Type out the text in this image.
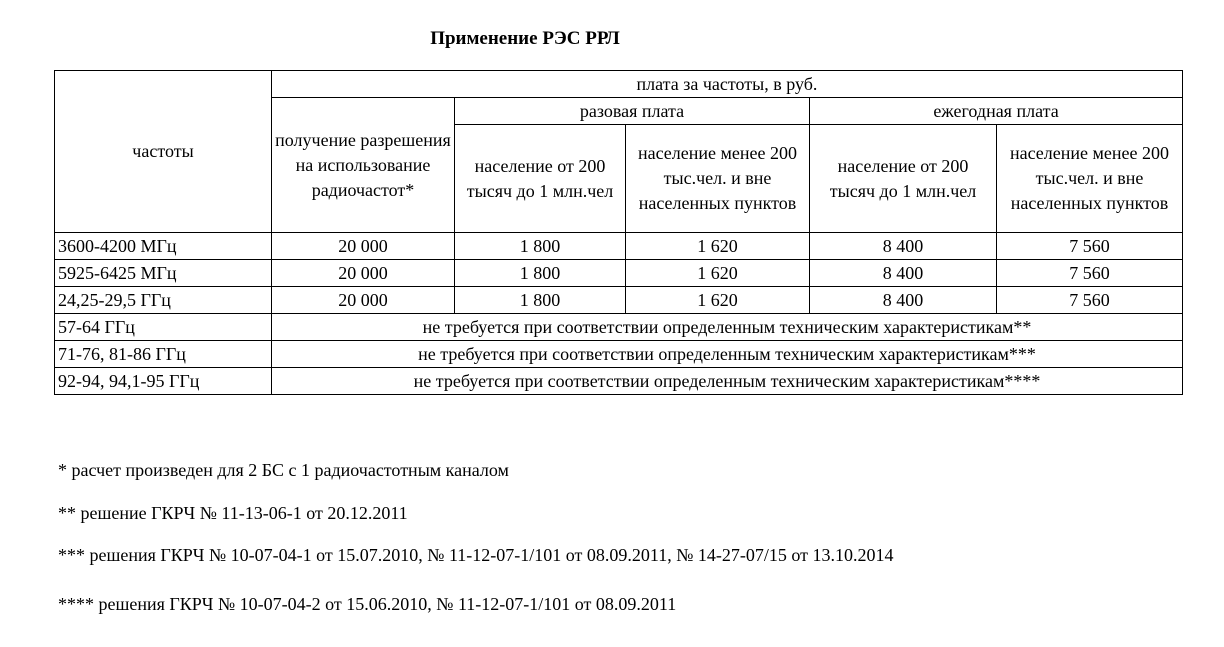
Применение РЭС РРЛ
частоты	плата за частоты, в руб.				
	получение разрешения на использование радиочастот*	разовая плата		ежегодная плата	
		население от 200 тысяч до 1 млн.чел	население менее 200 тыс.чел. и вне населенных пунктов	население от 200 тысяч до 1 млн.чел	население менее 200 тыс.чел. и вне населенных пунктов
3600-4200 МГц	20 000	1 800	1 620	8 400	7 560
5925-6425 МГц	20 000	1 800	1 620	8 400	7 560
24,25-29,5 ГГц	20 000	1 800	1 620	8 400	7 560
57-64 ГГц	не требуется при соответствии определенным техническим характеристикам**				
71-76, 81-86 ГГц	не требуется при соответствии определенным техническим характеристикам***				
92-94, 94,1-95 ГГц	не требуется при соответствии определенным техническим характеристикам****				
* расчет произведен для 2 БС с 1 радиочастотным каналом
** решение ГКРЧ № 11-13-06-1 от 20.12.2011
*** решения ГКРЧ № 10-07-04-1 от 15.07.2010, № 11-12-07-1/101 от 08.09.2011, № 14-27-07/15 от 13.10.2014
**** решения ГКРЧ № 10-07-04-2 от 15.06.2010, № 11-12-07-1/101 от 08.09.2011
